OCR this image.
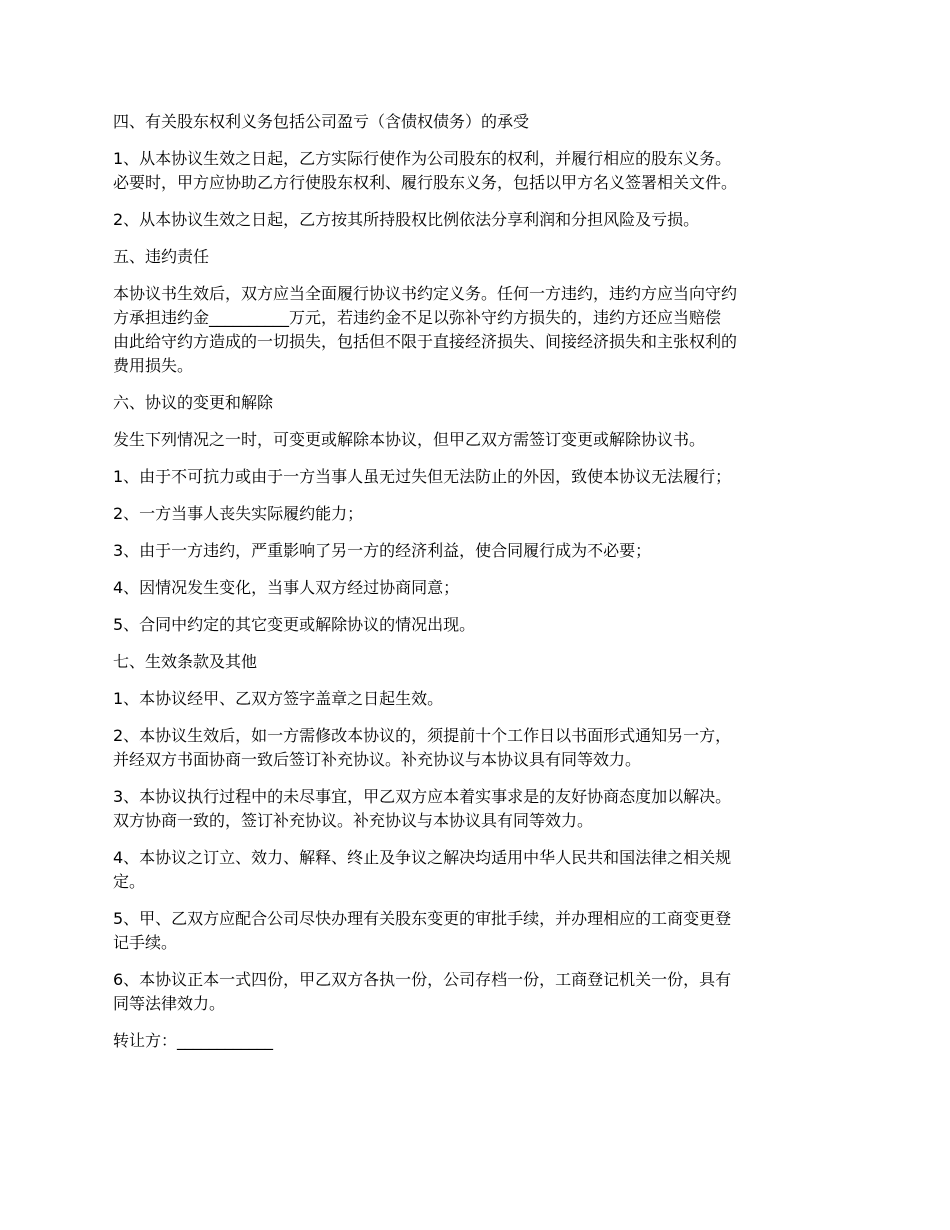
四、有关股东权利义务包括公司盈亏（含债权债务）的承受

1、从本协议生效之日起，乙方实际行使作为公司股东的权利，并履行相应的股东义务。

必要时，甲方应协助乙方行使股东权利、履行股东义务，包括以甲方名义签署相关文件。

2、从本协议生效之日起，乙方按其所持股权比例依法分享利润和分担风险及亏损。

五、违约责任

本协议书生效后，双方应当全面履行协议书约定义务。任何一方违约，违约方应当向守约

方承担违约金__________万元，若违约金不足以弥补守约方损失的，违约方还应当赔偿

由此给守约方造成的一切损失，包括但不限于直接经济损失、间接经济损失和主张权利的

费用损失。

六、协议的变更和解除

发生下列情况之一时，可变更或解除本协议，但甲乙双方需签订变更或解除协议书。

1、由于不可抗力或由于一方当事人虽无过失但无法防止的外因，致使本协议无法履行；

2、一方当事人丧失实际履约能力；

3、由于一方违约，严重影响了另一方的经济利益，使合同履行成为不必要；

4、因情况发生变化，当事人双方经过协商同意；

5、合同中约定的其它变更或解除协议的情况出现。

七、生效条款及其他

1、本协议经甲、乙双方签字盖章之日起生效。

2、本协议生效后，如一方需修改本协议的，须提前十个工作日以书面形式通知另一方，

并经双方书面协商一致后签订补充协议。补充协议与本协议具有同等效力。

3、本协议执行过程中的未尽事宜，甲乙双方应本着实事求是的友好协商态度加以解决。

双方协商一致的，签订补充协议。补充协议与本协议具有同等效力。

4、本协议之订立、效力、解释、终止及争议之解决均适用中华人民共和国法律之相关规

定。

5、甲、乙双方应配合公司尽快办理有关股东变更的审批手续，并办理相应的工商变更登

记手续。

6、本协议正本一式四份，甲乙双方各执一份，公司存档一份，工商登记机关一份，具有

同等法律效力。

转让方：____________
